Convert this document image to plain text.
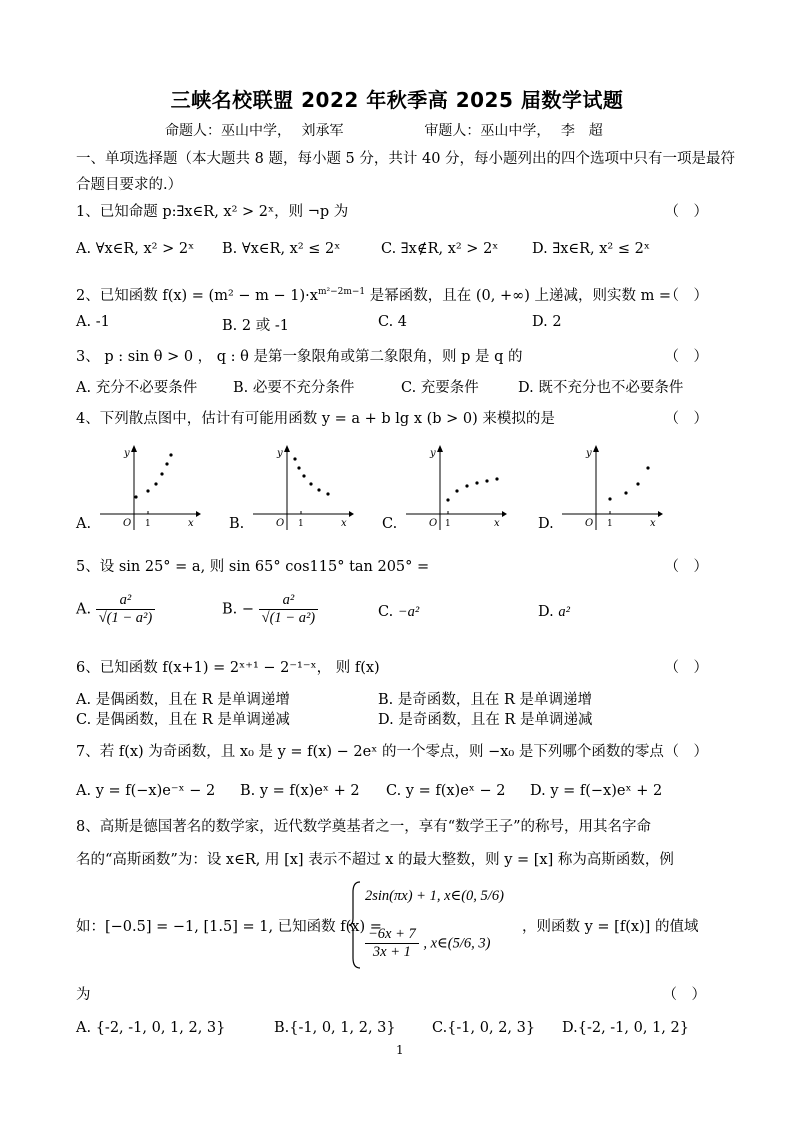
三峡名校联盟 2022 年秋季高 2025 届数学试题
命题人：巫山中学， 刘承军	审题人：巫山中学， 李　超
一、单项选择题（本大题共 8 题，每小题 5 分，共计 40 分，每小题列出的四个选项中只有一项是最符合题目要求的.）
1、已知命题 p:∃x∈R, x² > 2ˣ，则 ¬p 为	（　）
A. ∀x∈R, x² > 2ˣ B. ∀x∈R, x² ≤ 2ˣ	C. ∃x∉R, x² > 2ˣ D. ∃x∈R, x² ≤ 2ˣ
2、已知函数 $f(x) = (m^2 - m - 1)\cdot x^{m^2-2m-1}$ 是幂函数，且在 (0, +∞) 上递减，则实数 m =
（　）
A. -1	B. 2 或 -1	C. 4	D. 2
3、 p : sin θ > 0 ， q : θ 是第一象限角或第二象限角，则 p 是 q 的	（　）
A. 充分不必要条件 B. 必要不充分条件	C. 充要条件	D. 既不充分也不必要条件
4、下列散点图中，估计有可能用函数 y = a + b lg x (b > 0) 来模拟的是	（　）
A.
y
x
O 1	B.
y
x
O 1	C.
y
x
O 1	D.
y
x
O 1
5、设 sin 25° = a, 则 sin 65° cos115° tan 205° =	（　）
A. $\frac{\text{a²}}{\text{√(1 − a²)}}$	B. − $\frac{\text{a²}}{\text{√(1 − a²)}}$	C. −a²	D. a²
6、已知函数 f(x+1) = 2ˣ⁺¹ − 2⁻¹⁻ˣ， 则 f(x)	（　）
A. 是偶函数，且在 R 是单调递增	B. 是奇函数，且在 R 是单调递增
C. 是偶函数，且在 R 是单调递减	D. 是奇函数，且在 R 是单调递减
7、若 f(x) 为奇函数，且 x₀ 是 y = f(x) − 2eˣ 的一个零点，则 −x₀ 是下列哪个函数的零点 （　）
A. y = f(−x)e⁻ˣ − 2 B. y = f(x)eˣ + 2 C. y = f(x)eˣ − 2 D. y = f(−x)eˣ + 2
8、高斯是德国著名的数学家，近代数学奠基者之一，享有“数学王子”的称号，用其名字命
名的“高斯函数”为：设 x∈R, 用 [x] 表示不超过 x 的最大整数，则 y = [x] 称为高斯函数，例
如：[−0.5] = −1, [1.5] = 1, 已知函数 f(x) =
2sin(πx) + 1, x∈(0, 5/6)
$\frac{-6x + 7}{3x + 1}$ , x∈(5/6, 3)
，则函数 y = [f(x)] 的值域
为	（　）
A. {-2, -1, 0, 1, 2, 3}	B.{-1, 0, 1, 2, 3}	C.{-1, 0, 2, 3} D.{-2, -1, 0, 1, 2}
1
